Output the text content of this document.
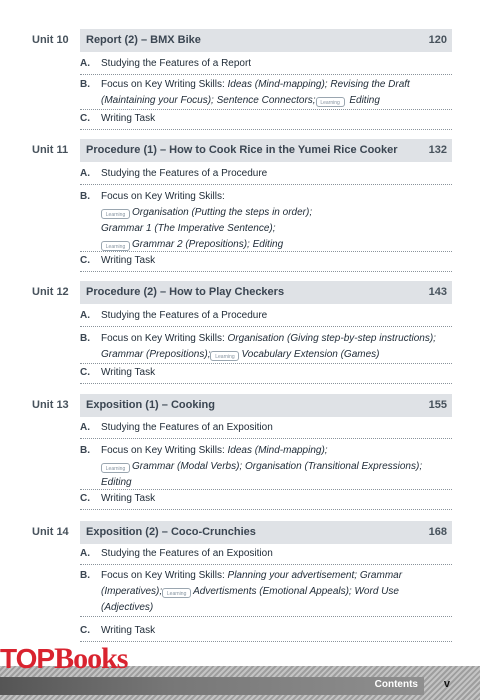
Unit 10 Report (2) – BMX Bike	120
A.	Studying the Features of a Report
B.	Focus on Key Writing Skills: Ideas (Mind-mapping); Revising the Draft (Maintaining your Focus); Sentence Connectors; Learning Editing
C.	Writing Task
Unit 11 Procedure (1) – How to Cook Rice in the Yumei Rice Cooker	132
A.	Studying the Features of a Procedure
B.	Focus on Key Writing Skills:
Learning Organisation (Putting the steps in order);
Grammar 1 (The Imperative Sentence);
Learning Grammar 2 (Prepositions); Editing
C.	Writing Task
Unit 12 Procedure (2) – How to Play Checkers	143
A.	Studying the Features of a Procedure
B.	Focus on Key Writing Skills: Organisation (Giving step-by-step instructions); Grammar (Prepositions); Learning Vocabulary Extension (Games)
C.	Writing Task
Unit 13 Exposition (1) – Cooking	155
A.	Studying the Features of an Exposition
B.	Focus on Key Writing Skills: Ideas (Mind-mapping);
Learning Grammar (Modal Verbs); Organisation (Transitional Expressions); Editing
C.	Writing Task
Unit 14 Exposition (2) – Coco-Crunchies	168
A.	Studying the Features of an Exposition
B.	Focus on Key Writing Skills: Planning your advertisement; Grammar (Imperatives); Learning Advertisments (Emotional Appeals); Word Use (Adjectives)
C.	Writing Task
Contents v
TOPBooks
